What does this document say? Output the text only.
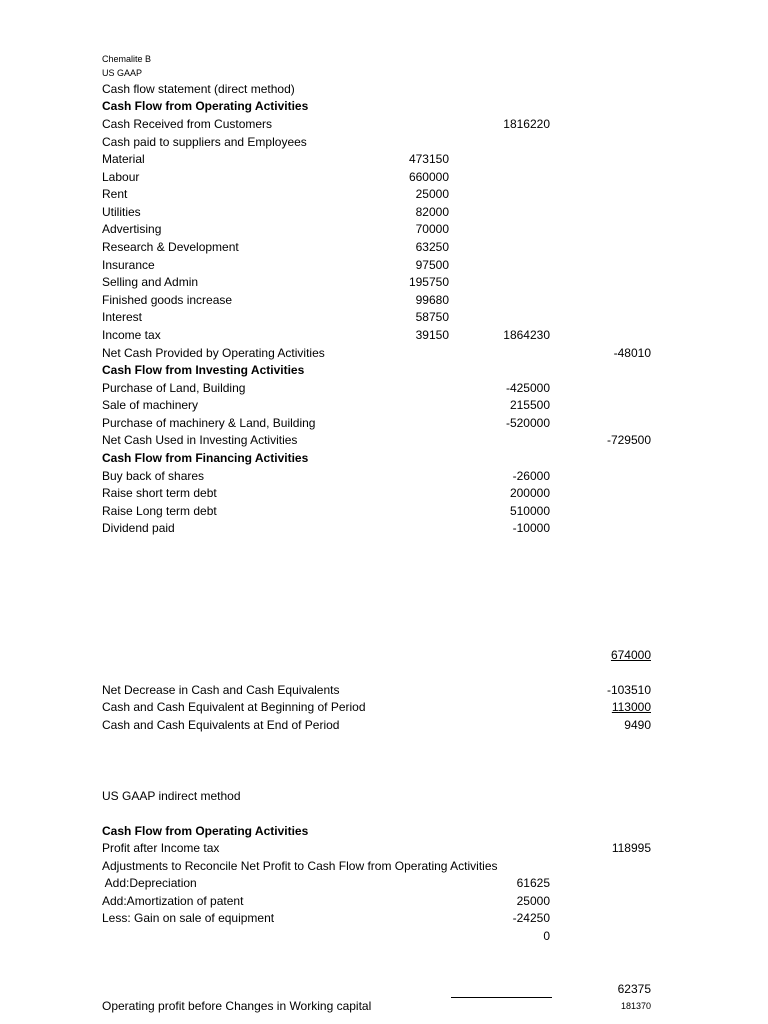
Chemalite B
US GAAP
Cash flow statement (direct method)
Cash Flow from Operating Activities
Cash Received from Customers	1816220
Cash paid to suppliers and Employees
Material	473150
Labour	660000
Rent	25000
Utilities	82000
Advertising	70000
Research & Development	63250
Insurance	97500
Selling and Admin	195750
Finished goods increase	99680
Interest	58750
Income tax	39150	1864230
Net Cash Provided by Operating Activities	-48010
Cash Flow from Investing Activities
Purchase of Land, Building	-425000
Sale of machinery	215500
Purchase of machinery & Land, Building	-520000
Net Cash Used in Investing Activities	-729500
Cash Flow from Financing Activities
Buy back of shares	-26000
Raise short term debt	200000
Raise Long term debt	510000
Dividend paid	-10000
674000
Net Decrease in Cash and Cash Equivalents	-103510
Cash and Cash Equivalent at Beginning of Period	113000
Cash and Cash Equivalents at End of Period	9490
US GAAP indirect method
Cash Flow from Operating Activities
Profit after Income tax	118995
Adjustments to Reconcile Net Profit to Cash Flow from Operating Activities
Add:Depreciation	61625
Add:Amortization of patent	25000
Less: Gain on sale of equipment	-24250
0
62375
Operating profit before Changes in Working capital	181370
